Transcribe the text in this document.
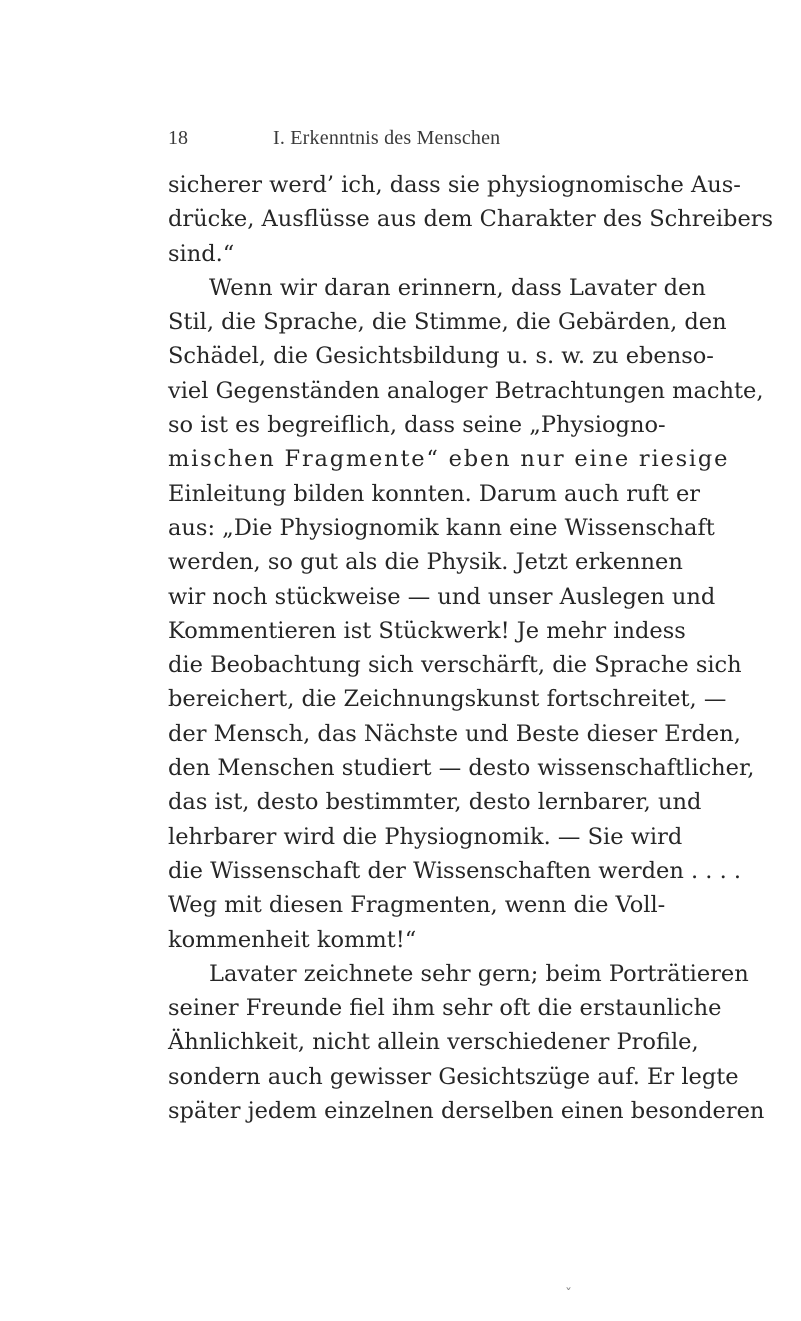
18	I. Erkenntnis des Menschen
sicherer werd’ ich, dass sie physiognomische Aus-
drücke, Ausflüsse aus dem Charakter des Schreibers
sind.“
Wenn wir daran erinnern, dass Lavater den
Stil, die Sprache, die Stimme, die Gebärden, den
Schädel, die Gesichtsbildung u. s. w. zu ebenso-
viel Gegenständen analoger Betrachtungen machte,
so ist es begreiflich, dass seine „Physiogno-
mischen Fragmente“ eben nur eine riesige
Einleitung bilden konnten. Darum auch ruft er
aus: „Die Physiognomik kann eine Wissenschaft
werden, so gut als die Physik. Jetzt erkennen
wir noch stückweise — und unser Auslegen und
Kommentieren ist Stückwerk! Je mehr indess
die Beobachtung sich verschärft, die Sprache sich
bereichert, die Zeichnungskunst fortschreitet, —
der Mensch, das Nächste und Beste dieser Erden,
den Menschen studiert — desto wissenschaftlicher,
das ist, desto bestimmter, desto lernbarer, und
lehrbarer wird die Physiognomik. — Sie wird
die Wissenschaft der Wissenschaften werden . . . .
Weg mit diesen Fragmenten, wenn die Voll-
kommenheit kommt!“
Lavater zeichnete sehr gern; beim Porträtieren
seiner Freunde fiel ihm sehr oft die erstaunliche
Ähnlichkeit, nicht allein verschiedener Profile,
sondern auch gewisser Gesichtszüge auf. Er legte
später jedem einzelnen derselben einen besonderen
ˇ
